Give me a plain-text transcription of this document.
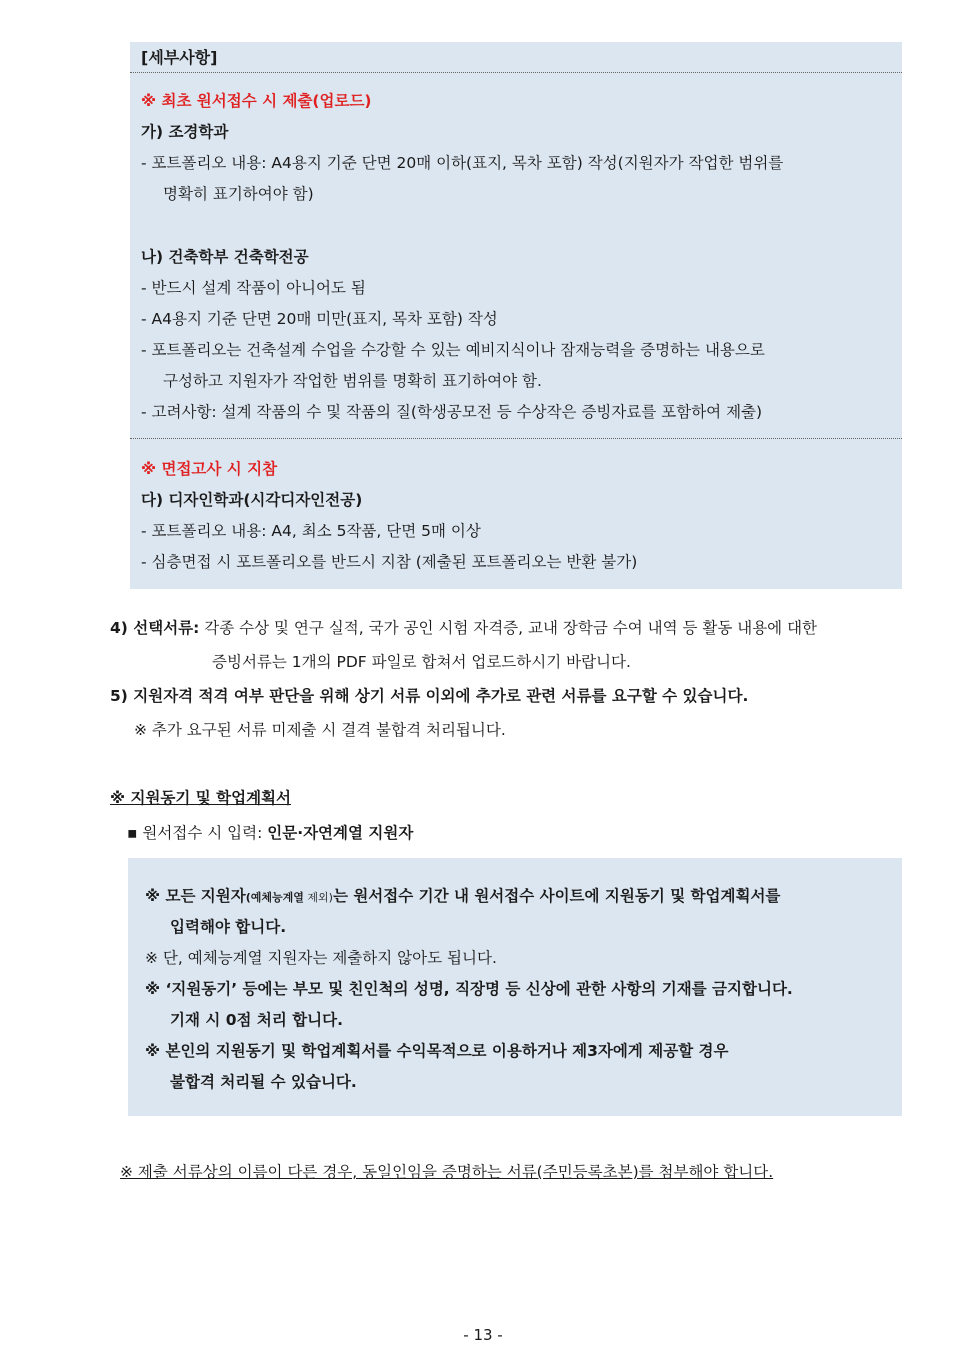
[세부사항]
※ 최초 원서접수 시 제출(업로드)
가) 조경학과
- 포트폴리오 내용: A4용지 기준 단면 20매 이하(표지, 목차 포함) 작성(지원자가 작업한 범위를
명확히 표기하여야 함)
나) 건축학부 건축학전공
- 반드시 설계 작품이 아니어도 됨
- A4용지 기준 단면 20매 미만(표지, 목차 포함) 작성
- 포트폴리오는 건축설계 수업을 수강할 수 있는 예비지식이나 잠재능력을 증명하는 내용으로
구성하고 지원자가 작업한 범위를 명확히 표기하여야 함.
- 고려사항: 설계 작품의 수 및 작품의 질(학생공모전 등 수상작은 증빙자료를 포함하여 제출)
※ 면접고사 시 지참
다) 디자인학과(시각디자인전공)
- 포트폴리오 내용: A4, 최소 5작품, 단면 5매 이상
- 심층면접 시 포트폴리오를 반드시 지참 (제출된 포트폴리오는 반환 불가)
4) 선택서류: 각종 수상 및 연구 실적, 국가 공인 시험 자격증, 교내 장학금 수여 내역 등 활동 내용에 대한
증빙서류는 1개의 PDF 파일로 합쳐서 업로드하시기 바랍니다.
5) 지원자격 적격 여부 판단을 위해 상기 서류 이외에 추가로 관련 서류를 요구할 수 있습니다.
※ 추가 요구된 서류 미제출 시 결격 불합격 처리됩니다.
※ 지원동기 및 학업계획서
▪ 원서접수 시 입력: 인문·자연계열 지원자
※ 모든 지원자(예체능계열 제외)는 원서접수 기간 내 원서접수 사이트에 지원동기 및 학업계획서를
입력해야 합니다.
※ 단, 예체능계열 지원자는 제출하지 않아도 됩니다.
※ ‘지원동기’ 등에는 부모 및 친인척의 성명, 직장명 등 신상에 관한 사항의 기재를 금지합니다.
기재 시 0점 처리 합니다.
※ 본인의 지원동기 및 학업계획서를 수익목적으로 이용하거나 제3자에게 제공할 경우
불합격 처리될 수 있습니다.
※ 제출 서류상의 이름이 다른 경우, 동일인임을 증명하는 서류(주민등록초본)를 첨부해야 합니다.
- 13 -
